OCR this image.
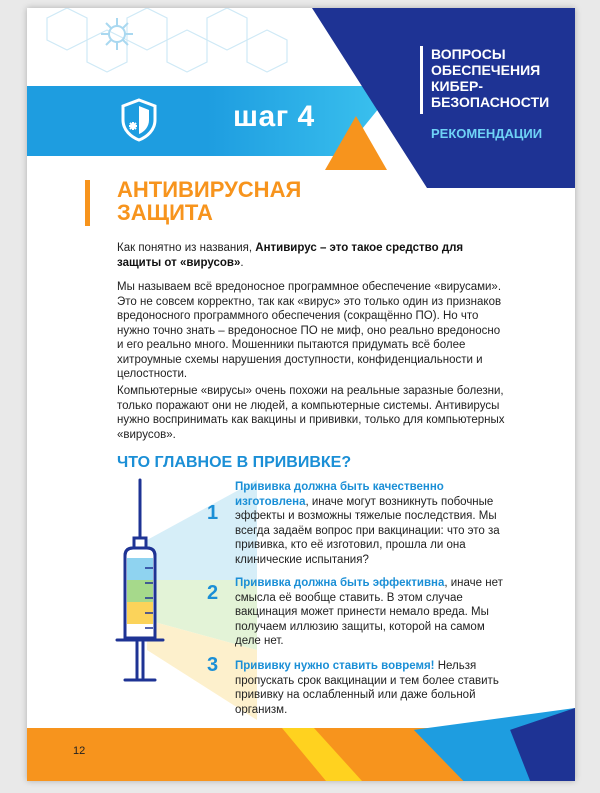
шаг 4
ВОПРОСЫ
ОБЕСПЕЧЕНИЯ
КИБЕР-
БЕЗОПАСНОСТИ
РЕКОМЕНДАЦИИ
АНТИВИРУСНАЯ
ЗАЩИТА

Как понятно из названия, Антивирус – это такое средство для защиты от «вирусов».

Мы называем всё вредоносное программное обеспечение «вирусами». Это не совсем корректно, так как «вирус» это только один из признаков вредоносного программного обеспечения (сокращённо ПО). Но что нужно точно знать – вредоносное ПО не миф, оно реально вредоносно и его реально много. Мошенники пытаются придумать всё более хитроумные схемы нарушения доступности, конфиденциальности и целостности.

Компьютерные «вирусы» очень похожи на реальные заразные болезни, только поражают они не людей, а компьютерные системы. Антивирусы нужно воспринимать как вакцины и прививки, только для компьютерных «вирусов».

ЧТО ГЛАВНОЕ В ПРИВИВКЕ?
1

Прививка должна быть качественно изготовлена, иначе могут возникнуть побочные эффекты и возможны тяжелые последствия. Мы всегда задаём вопрос при вакцинации: что это за прививка, кто её изготовил, прошла ли она клинические испытания?

2 Прививка должна быть эффективна, иначе нет смысла её вообще ставить. В этом случае вакцинация может принести немало вреда. Мы получаем иллюзию защиты, которой на самом деле нет.

3 Прививку нужно ставить вовремя! Нельзя пропускать срок вакцинации и тем более ставить прививку на ослабленный или даже больной организм.

12
